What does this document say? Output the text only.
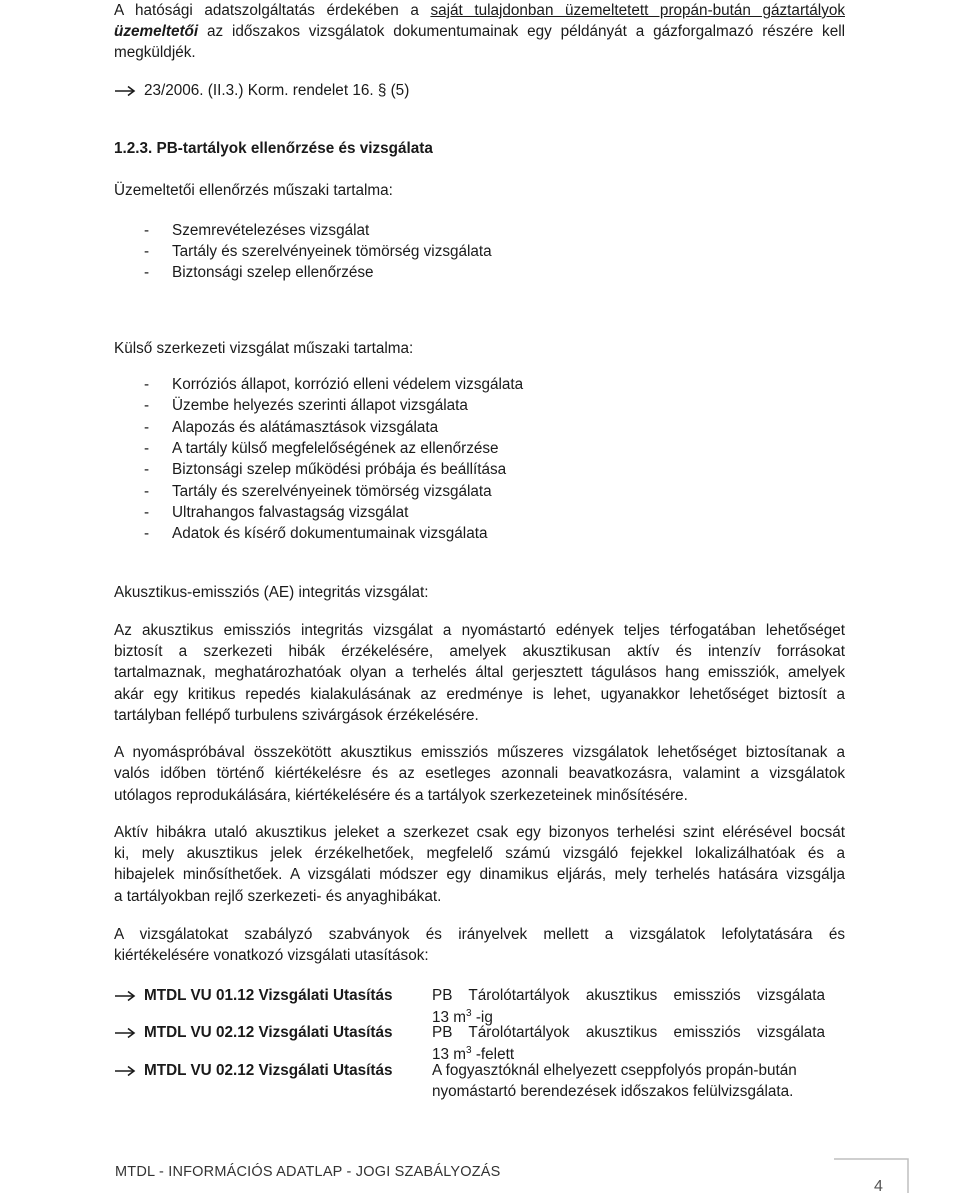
A hatósági adatszolgáltatás érdekében a saját tulajdonban üzemeltetett propán-bután gáztartályok
üzemeltetői az időszakos vizsgálatok dokumentumainak egy példányát a gázforgalmazó részére kell
megküldjék.
23/2006. (II.3.) Korm. rendelet 16. § (5)
1.2.3. PB-tartályok ellenőrzése és vizsgálata
Üzemeltetői ellenőrzés műszaki tartalma:
- Szemrevételezéses vizsgálat
- Tartály és szerelvényeinek tömörség vizsgálata
- Biztonsági szelep ellenőrzése
Külső szerkezeti vizsgálat műszaki tartalma:
- Korróziós állapot, korrózió elleni védelem vizsgálata
- Üzembe helyezés szerinti állapot vizsgálata
- Alapozás és alátámasztások vizsgálata
- A tartály külső megfelelőségének az ellenőrzése
- Biztonsági szelep működési próbája és beállítása
- Tartály és szerelvényeinek tömörség vizsgálata
- Ultrahangos falvastagság vizsgálat
- Adatok és kísérő dokumentumainak vizsgálata
Akusztikus-emissziós (AE) integritás vizsgálat:
Az akusztikus emissziós integritás vizsgálat a nyomástartó edények teljes térfogatában lehetőséget
biztosít a szerkezeti hibák érzékelésére, amelyek akusztikusan aktív és intenzív forrásokat
tartalmaznak, meghatározhatóak olyan a terhelés által gerjesztett tágulásos hang emissziók, amelyek
akár egy kritikus repedés kialakulásának az eredménye is lehet, ugyanakkor lehetőséget biztosít a
tartályban fellépő turbulens szivárgások érzékelésére.
A nyomáspróbával összekötött akusztikus emissziós műszeres vizsgálatok lehetőséget biztosítanak a
valós időben történő kiértékelésre és az esetleges azonnali beavatkozásra, valamint a vizsgálatok
utólagos reprodukálására, kiértékelésére és a tartályok szerkezeteinek minősítésére.
Aktív hibákra utaló akusztikus jeleket a szerkezet csak egy bizonyos terhelési szint elérésével bocsát
ki, mely akusztikus jelek érzékelhetőek, megfelelő számú vizsgáló fejekkel lokalizálhatóak és a
hibajelek minősíthetőek. A vizsgálati módszer egy dinamikus eljárás, mely terhelés hatására vizsgálja
a tartályokban rejlő szerkezeti- és anyaghibákat.
A vizsgálatokat szabályzó szabványok és irányelvek mellett a vizsgálatok lefolytatására és
kiértékelésére vonatkozó vizsgálati utasítások:
MTDL VU 01.12 Vizsgálati Utasítás	PB Tárolótartályok akusztikus emissziós vizsgálata
13 $m^3$ -ig
MTDL VU 02.12 Vizsgálati Utasítás	PB Tárolótartályok akusztikus emissziós vizsgálata
13 $m^3$ -felett
MTDL VU 02.12 Vizsgálati Utasítás	A fogyasztóknál elhelyezett cseppfolyós propán-bután
nyomástartó berendezések időszakos felülvizsgálata.
MTDL - INFORMÁCIÓS ADATLAP - JOGI SZABÁLYOZÁS
4
